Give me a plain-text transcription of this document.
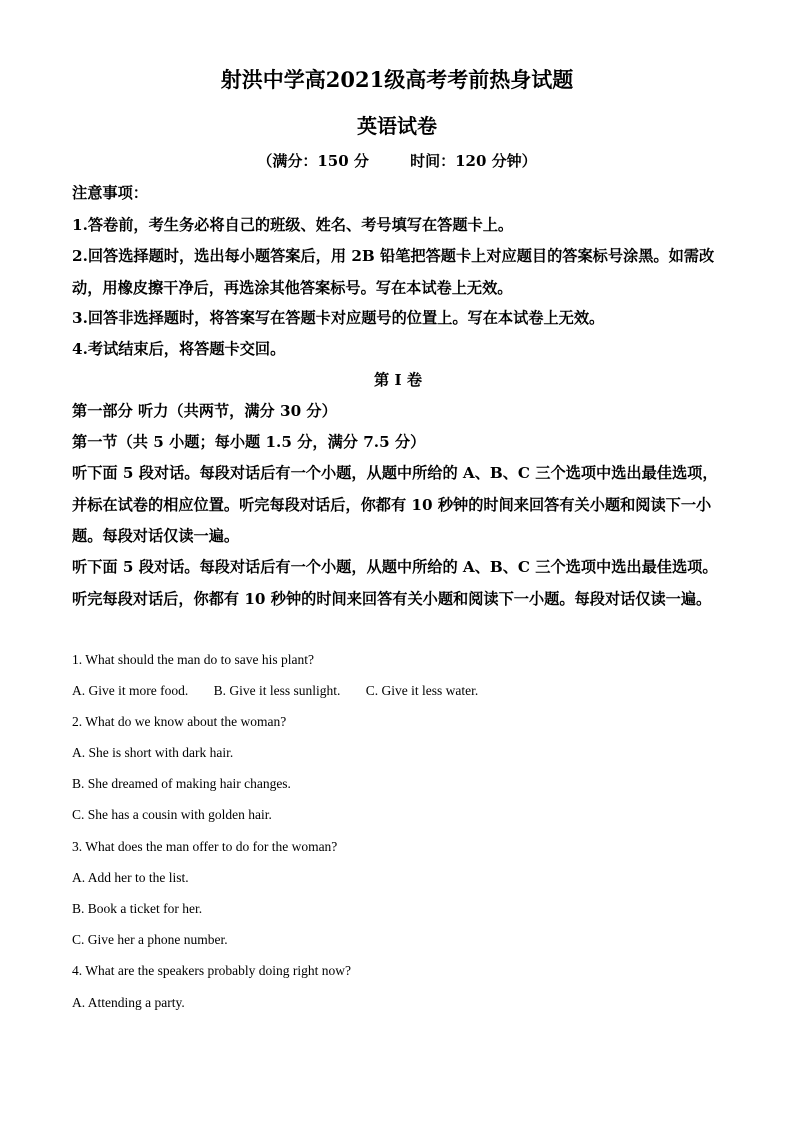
射洪中学高2021级高考考前热身试题
英语试卷
（满分：150 分	时间：120 分钟）

注意事项：

1.答卷前，考生务必将自己的班级、姓名、考号填写在答题卡上。

2.回答选择题时，选出每小题答案后，用 2B 铅笔把答题卡上对应题目的答案标号涂黑。如需改动，用橡皮擦干净后，再选涂其他答案标号。写在本试卷上无效。

3.回答非选择题时，将答案写在答题卡对应题号的位置上。写在本试卷上无效。

4.考试结束后，将答题卡交回。

第 I 卷

第一部分 听力（共两节，满分 30 分）

第一节（共 5 小题；每小题 1.5 分，满分 7.5 分）

听下面 5 段对话。每段对话后有一个小题，从题中所给的 A、B、C 三个选项中选出最佳选项，并标在试卷的相应位置。听完每段对话后，你都有 10 秒钟的时间来回答有关小题和阅读下一小题。每段对话仅读一遍。

听下面 5 段对话。每段对话后有一个小题，从题中所给的 A、B、C 三个选项中选出最佳选项。听完每段对话后，你都有 10 秒钟的时间来回答有关小题和阅读下一小题。每段对话仅读一遍。

1. What should the man do to save his plant?

A. Give it more food. B. Give it less sunlight. C. Give it less water.

2. What do we know about the woman?

A. She is short with dark hair.

B. She dreamed of making hair changes.

C. She has a cousin with golden hair.

3. What does the man offer to do for the woman?

A. Add her to the list.

B. Book a ticket for her.

C. Give her a phone number.

4. What are the speakers probably doing right now?

A. Attending a party.
